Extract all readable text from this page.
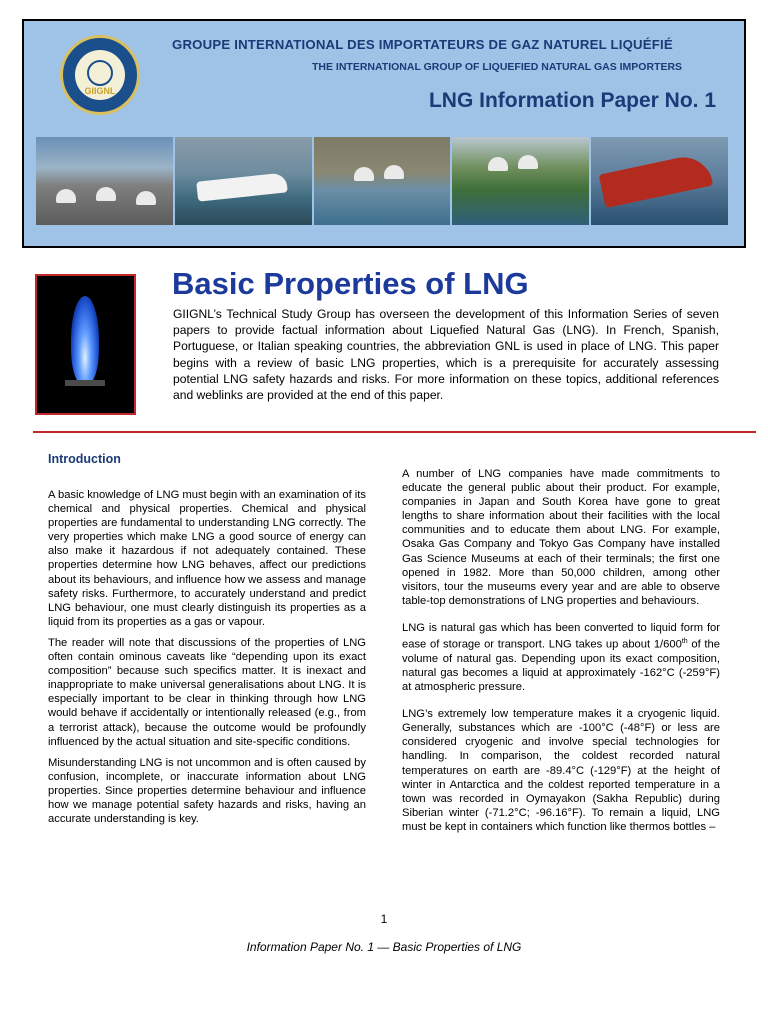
GIIGNL
GROUPE INTERNATIONAL DES IMPORTATEURS DE GAZ NATUREL LIQUÉFIÉ
THE INTERNATIONAL GROUP OF LIQUEFIED NATURAL GAS IMPORTERS
LNG Information Paper No. 1
Basic Properties of LNG
GIIGNL’s Technical Study Group has overseen the development of this Information Series of seven papers to provide factual information about Liquefied Natural Gas (LNG). In French, Spanish, Portuguese, or Italian speaking countries, the abbreviation GNL is used in place of LNG. This paper begins with a review of basic LNG properties, which is a prerequisite for accurately assessing potential LNG safety hazards and risks. For more information on these topics, additional references and weblinks are provided at the end of this paper.
Introduction

A basic knowledge of LNG must begin with an examination of its chemical and physical properties. Chemical and physical properties are fundamental to understanding LNG correctly. The very properties which make LNG a good source of energy can also make it hazardous if not adequately contained. These properties determine how LNG behaves, affect our predictions about its behaviours, and influence how we assess and manage safety risks. Furthermore, to accurately understand and predict LNG behaviour, one must clearly distinguish its properties as a liquid from its properties as a gas or vapour.

The reader will note that discussions of the properties of LNG often contain ominous caveats like “depending upon its exact composition” because such specifics matter. It is inexact and inappropriate to make universal generalisations about LNG. It is especially important to be clear in thinking through how LNG would behave if accidentally or intentionally released (e.g., from a terrorist attack), because the outcome would be profoundly influenced by the actual situation and site-specific conditions.

Misunderstanding LNG is not uncommon and is often caused by confusion, incomplete, or inaccurate information about LNG properties. Since properties determine behaviour and influence how we manage potential safety hazards and risks, having an accurate understanding is key.

A number of LNG companies have made commitments to educate the general public about their product. For example, companies in Japan and South Korea have gone to great lengths to share information about their facilities with the local communities and to educate them about LNG. For example, Osaka Gas Company and Tokyo Gas Company have installed Gas Science Museums at each of their terminals; the first one opened in 1982. More than 50,000 children, among other visitors, tour the museums every year and are able to observe table-top demonstrations of LNG properties and behaviours.

LNG is natural gas which has been converted to liquid form for ease of storage or transport. LNG takes up about 1/600th of the volume of natural gas. Depending upon its exact composition, natural gas becomes a liquid at approximately -162°C (-259°F) at atmospheric pressure.

LNG’s extremely low temperature makes it a cryogenic liquid. Generally, substances which are -100°C (-48°F) or less are considered cryogenic and involve special technologies for handling. In comparison, the coldest recorded natural temperatures on earth are -89.4°C (-129°F) at the height of winter in Antarctica and the coldest reported temperature in a town was recorded in Oymayakon (Sakha Republic) during Siberian winter (-71.2°C; -96.16°F). To remain a liquid, LNG must be kept in containers which function like thermos bottles –

1
Information Paper No. 1 — Basic Properties of LNG
